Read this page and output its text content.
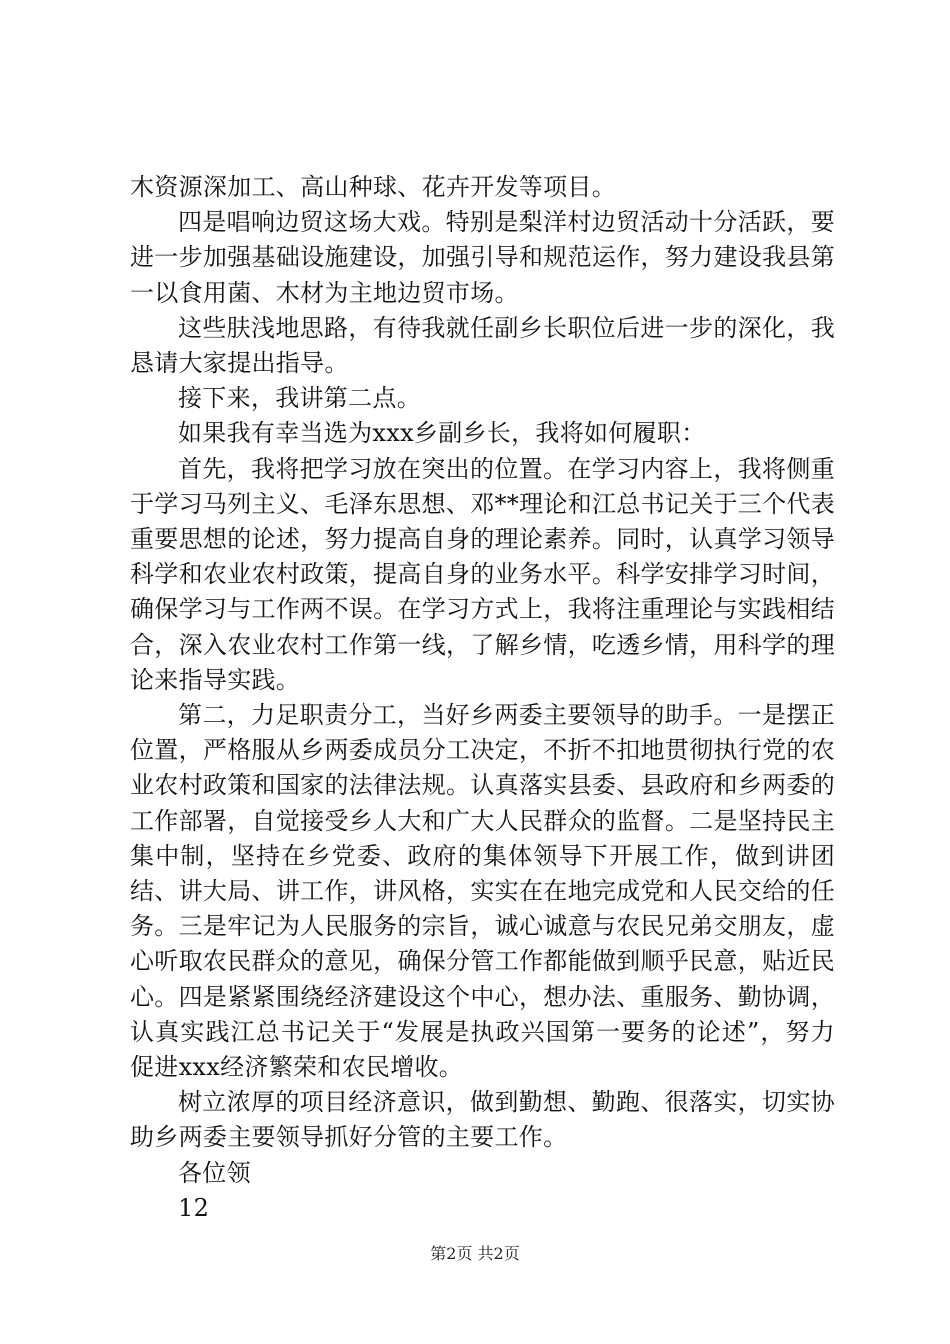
木资源深加工、高山种球、花卉开发等项目。

四是唱响边贸这场大戏。特别是梨洋村边贸活动十分活跃，要进一步加强基础设施建设，加强引导和规范运作，努力建设我县第一以食用菌、木材为主地边贸市场。

这些肤浅地思路，有待我就任副乡长职位后进一步的深化，我恳请大家提出指导。

接下来，我讲第二点。

如果我有幸当选为xxx乡副乡长，我将如何履职：

首先，我将把学习放在突出的位置。在学习内容上，我将侧重于学习马列主义、毛泽东思想、邓**理论和江总书记关于三个代表重要思想的论述，努力提高自身的理论素养。同时，认真学习领导科学和农业农村政策，提高自身的业务水平。科学安排学习时间，确保学习与工作两不误。在学习方式上，我将注重理论与实践相结合，深入农业农村工作第一线，了解乡情，吃透乡情，用科学的理论来指导实践。

第二，力足职责分工，当好乡两委主要领导的助手。一是摆正位置，严格服从乡两委成员分工决定，不折不扣地贯彻执行党的农业农村政策和国家的法律法规。认真落实县委、县政府和乡两委的工作部署，自觉接受乡人大和广大人民群众的监督。二是坚持民主集中制，坚持在乡党委、政府的集体领导下开展工作，做到讲团结、讲大局、讲工作，讲风格，实实在在地完成党和人民交给的任务。三是牢记为人民服务的宗旨，诚心诚意与农民兄弟交朋友，虚心听取农民群众的意见，确保分管工作都能做到顺乎民意，贴近民心。四是紧紧围绕经济建设这个中心，想办法、重服务、勤协调，认真实践江总书记关于“发展是执政兴国第一要务的论述”，努力促进xxx经济繁荣和农民增收。

树立浓厚的项目经济意识，做到勤想、勤跑、很落实，切实协助乡两委主要领导抓好分管的主要工作。

各位领

12

第2页 共2页
